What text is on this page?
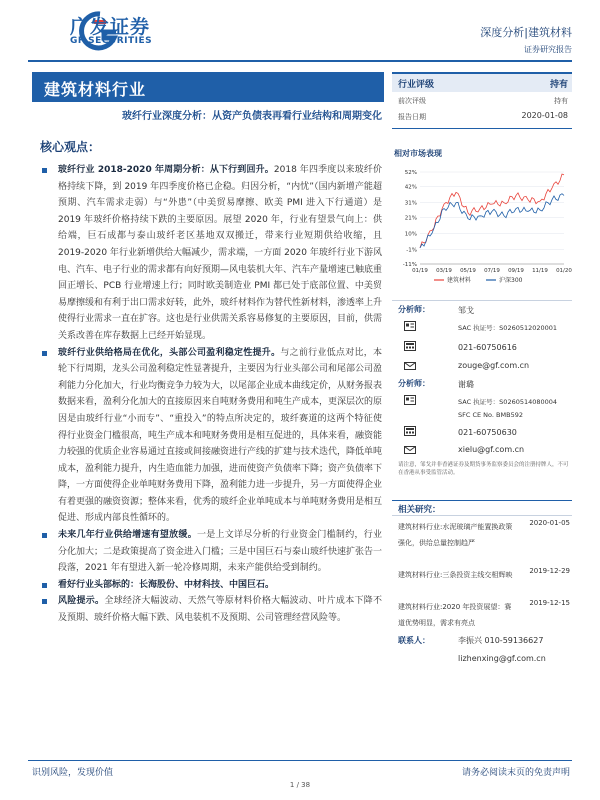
广发证券
GF SECURITIES
深度分析|建筑材料
证券研究报告
建筑材料行业
玻纤行业深度分析：从资产负债表再看行业结构和周期变化
行业评级	持有
前次评级	持有
报告日期	2020-01-08
核心观点：
玻纤行业 2018-2020 年周期分析：从下行到回升。2018 年四季度以来玻纤价格持续下降，到 2019 年四季度价格已企稳。归因分析，“内忧”（国内新增产能超预期、汽车需求走弱）与“外患”（中美贸易摩擦、欧美 PMI 进入下行通道）是 2019 年玻纤价格持续下跌的主要原因。展望 2020 年，行业有望景气向上：供给端，巨石成都与泰山玻纤老区基地双双搬迁，带来行业短期供给收缩，且 2019-2020 年行业新增供给大幅减少，需求端，一方面 2020 年玻纤行业下游风电、汽车、电子行业的需求都有向好预期—风电装机大年、汽车产量增速已触底重回正增长、PCB 行业增速上行；同时欧美制造业 PMI 都已处于底部位置、中美贸易摩擦缓和有利于出口需求好转，此外，玻纤材料作为替代性新材料，渗透率上升使得行业需求一直在扩容。这也是行业供需关系容易修复的主要原因，目前，供需关系改善在库存数据上已经开始显现。
玻纤行业供给格局在优化，头部公司盈利稳定性提升。与之前行业低点对比，本轮下行周期，龙头公司盈利稳定性显著提升，主要因为行业头部公司和尾部公司盈利能力分化加大，行业均衡竞争力较为大，以尾部企业成本曲线定价，从财务报表数据来看，盈利分化加大的直接原因来自吨财务费用和吨生产成本，更深层次的原因是由玻纤行业“小而专”、“重投入”的特点所决定的，玻纤赛道的这两个特征使得行业资金门槛很高，吨生产成本和吨财务费用是相互促进的，具体来看，融资能力较强的优质企业容易通过直接或间接融资进行产线的扩建与技术迭代，降低单吨成本，盈利能力提升，内生造血能力加强，进而使资产负债率下降；资产负债率下降，一方面使得企业单吨财务费用下降，盈利能力进一步提升，另一方面使得企业有着更强的融资资源；整体来看，优秀的玻纤企业单吨成本与单吨财务费用是相互促进、形成内部良性循环的。
未来几年行业供给增速有望放缓。一是上文详尽分析的行业资金门槛制约，行业分化加大；二是政策提高了资金进入门槛；三是中国巨石与泰山玻纤快速扩张告一段落，2021 年有望进入新一轮冷修周期，未来产能供给受到制约。
看好行业头部标的：长海股份、中材科技、中国巨石。
风险提示。全球经济大幅波动、天然气等原材料价格大幅波动、叶片成本下降不及预期、玻纤价格大幅下跌、风电装机不及预期、公司管理经营风险等。
相对市场表现
52%
42%
31%
21%
10%
-1%
-11%
01/19 03/19 05/19 07/19 09/19 11/19 01/20
建筑材料	沪深300
分析师：	邹戈
SAC 执证号：S0260512020001
021-60750616
zouge@gf.com.cn
分析师：	谢璐
SAC 执证号：S0260514080004
SFC CE No. BMB592
021-60750630
xielu@gf.com.cn
请注意，邹戈并非香港证券及期货事务监察委员会的注册持牌人，不可在香港从事受监管活动。
相关研究：
建筑材料行业:水泥玻璃产能置换政策强化，供给总量控制趋严
2020-01-05
建筑材料行业:三条投资主线交相辉映	2019-12-29
建筑材料行业:2020 年投资展望：赛道优势明显，需求有亮点
2019-12-15
联系人：	李振兴 010-59136627
lizhenxing@gf.com.cn
识别风险，发现价值	请务必阅读末页的免责声明
1 / 38
